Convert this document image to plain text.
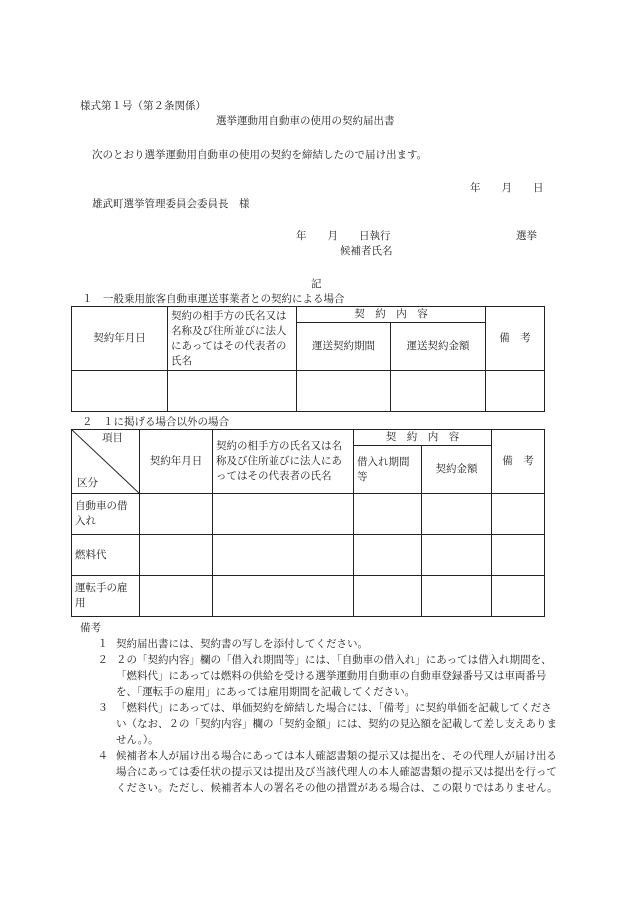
様式第１号（第２条関係）
選挙運動用自動車の使用の契約届出書
次のとおり選挙運動用自動車の使用の契約を締結したので届け出ます。
年　　月　　日
雄武町選挙管理委員会委員長　様
年　　月　　日執行	選挙
候補者氏名
記
１　一般乗用旅客自動車運送事業者との契約による場合
契約年月日	契約の相手方の氏名又は名称及び住所並びに法人にあってはその代表者の氏名	契　約　内　容		備　考
		運送契約期間	運送契約金額	

２　１に掲げる場合以外の場合
項目
区分	契約年月日	契約の相手方の氏名又は名称及び住所並びに法人にあってはその代表者の氏名	契　約　内　容		備　考
			借入れ期間等	契約金額	
自動車の借入れ					
燃料代					
運転手の雇用					
備考
１ 契約届出書には、契約書の写しを添付してください。
２ ２の「契約内容」欄の「借入れ期間等」には、「自動車の借入れ」にあっては借入れ期間を、「燃料代」にあっては燃料の供給を受ける選挙運動用自動車の自動車登録番号又は車両番号を、「運転手の雇用」にあっては雇用期間を記載してください。
３ 「燃料代」にあっては、単価契約を締結した場合には、「備考」に契約単価を記載してください（なお、２の「契約内容」欄の「契約金額」には、契約の見込額を記載して差し支えありません。）。
４ 候補者本人が届け出る場合にあっては本人確認書類の提示又は提出を、その代理人が届け出る場合にあっては委任状の提示又は提出及び当該代理人の本人確認書類の提示又は提出を行ってください。ただし、候補者本人の署名その他の措置がある場合は、この限りではありません。
